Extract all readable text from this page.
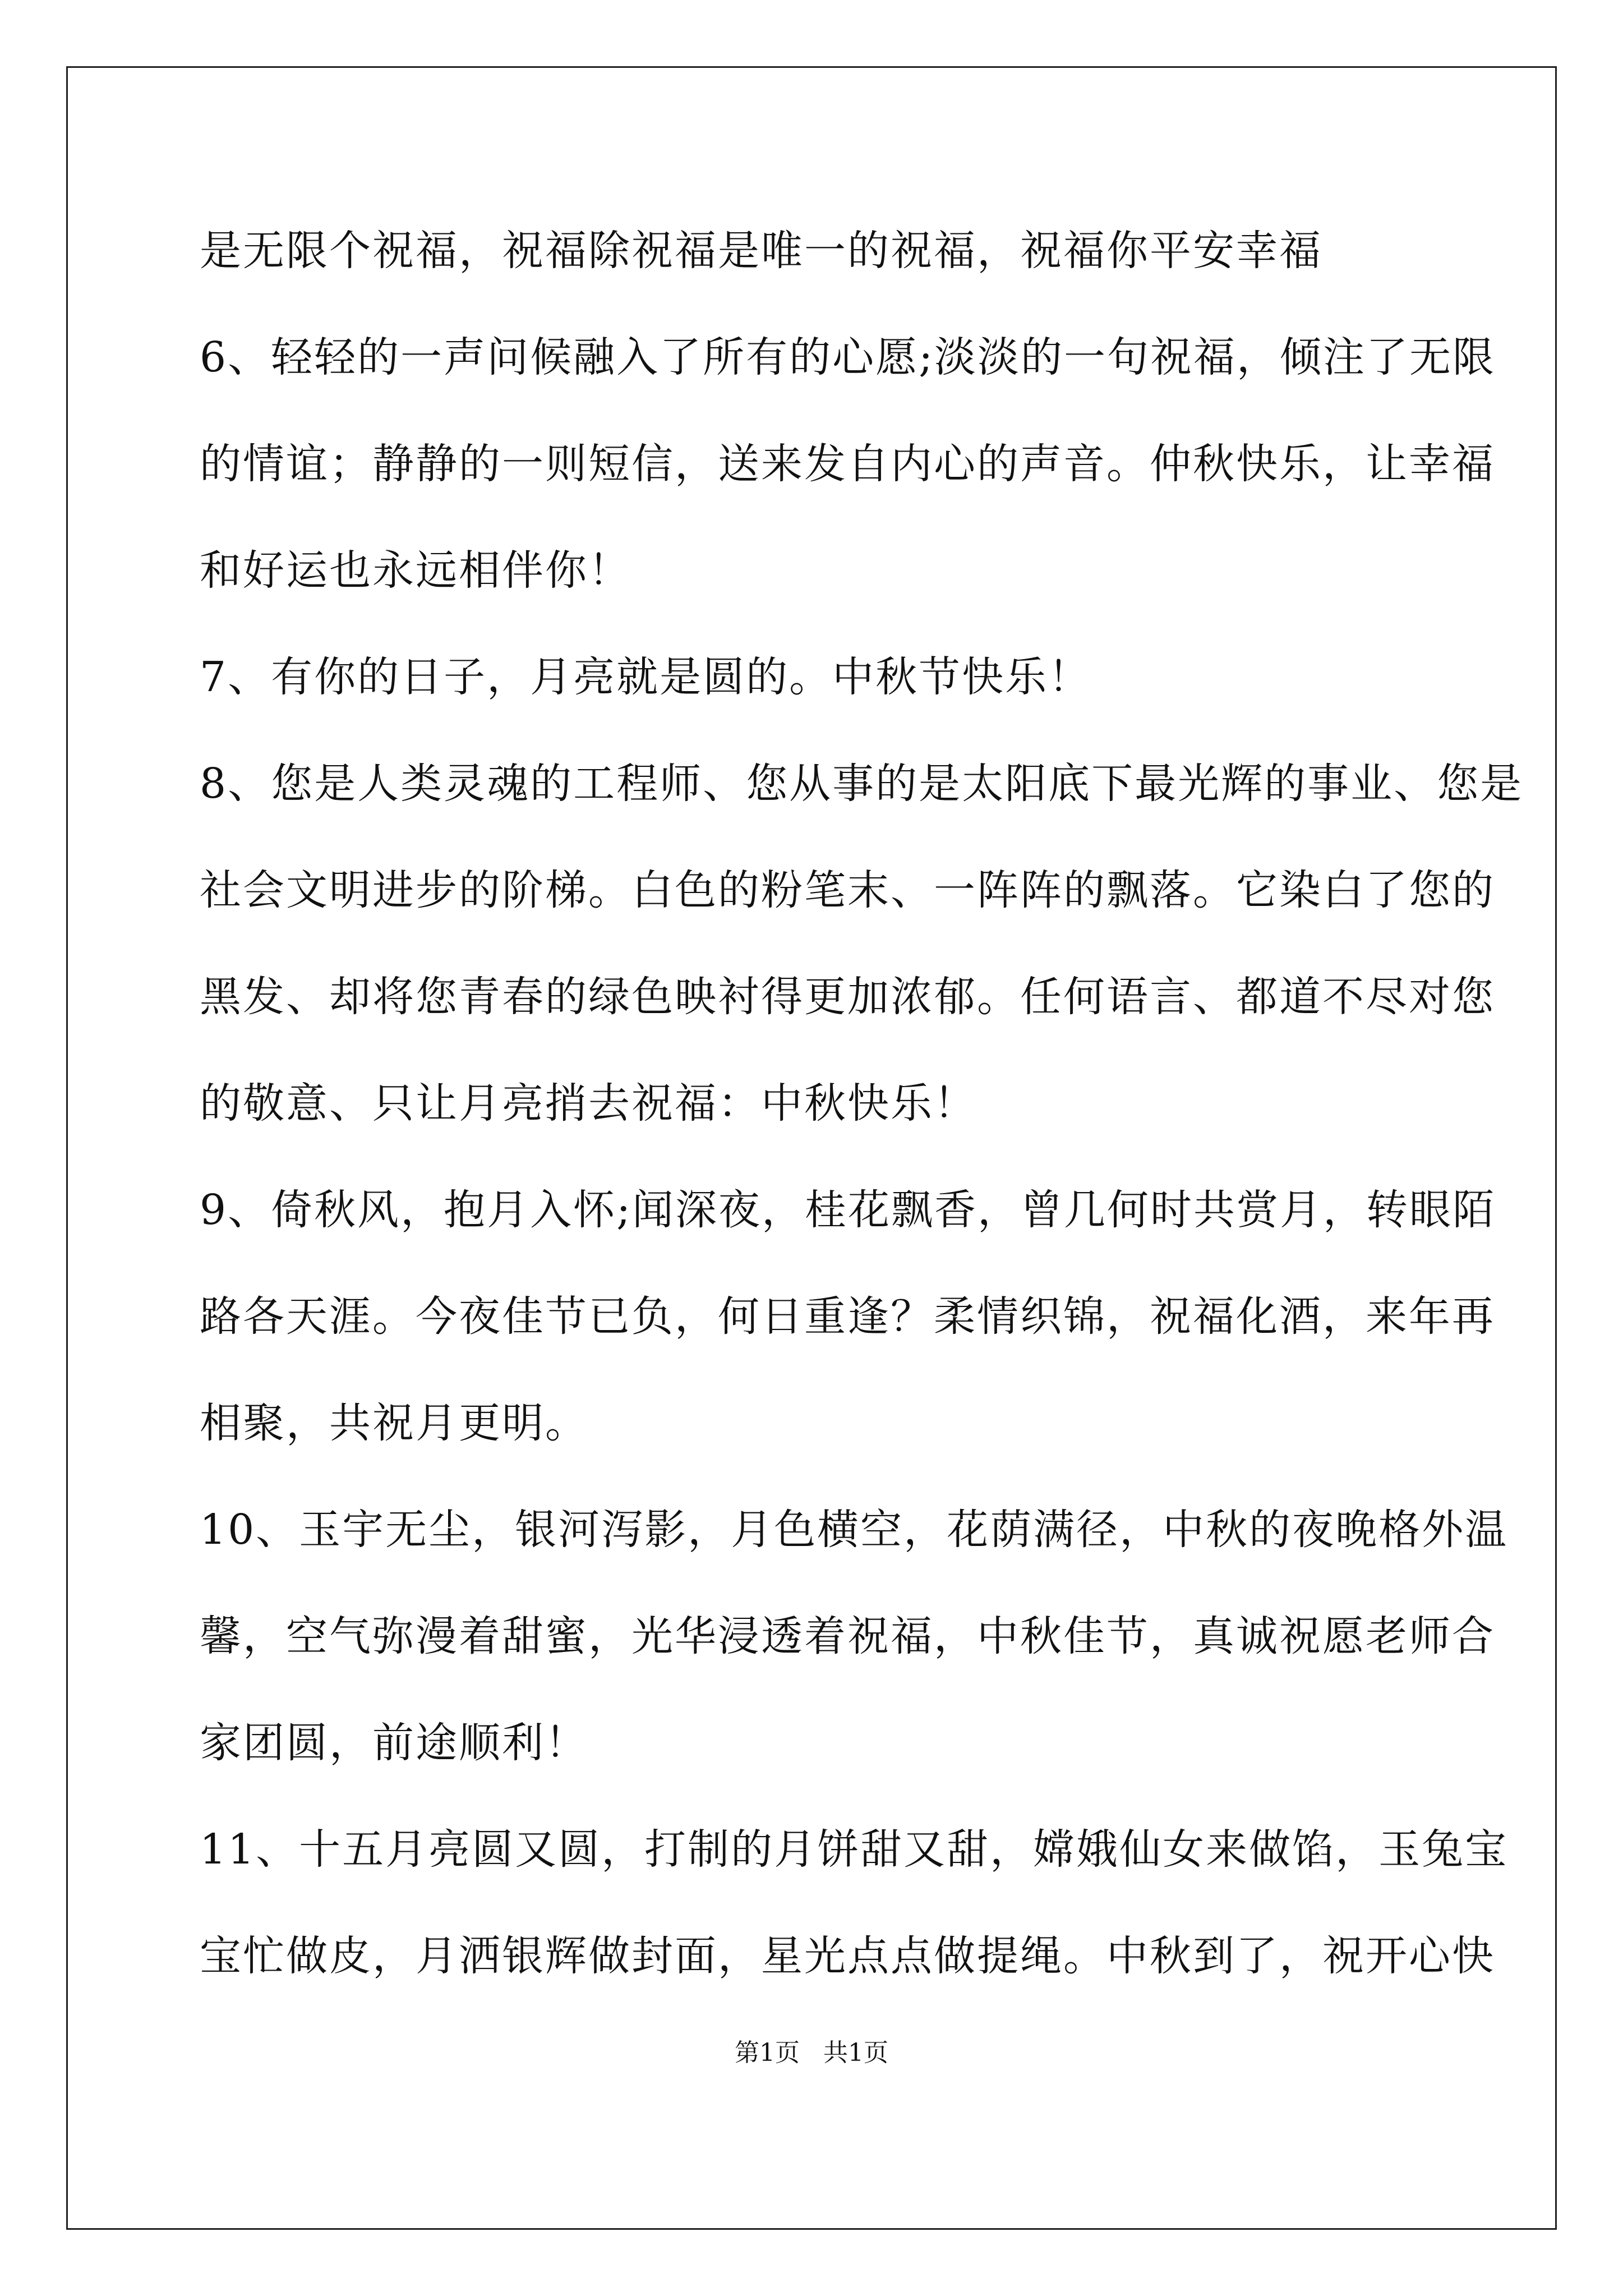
是无限个祝福，祝福除祝福是唯一的祝福，祝福你平安幸福
6、轻轻的一声问候融入了所有的心愿;淡淡的一句祝福，倾注了无限
的情谊；静静的一则短信，送来发自内心的声音。仲秋快乐，让幸福
和好运也永远相伴你！
7、有你的日子，月亮就是圆的。中秋节快乐！
8、您是人类灵魂的工程师、您从事的是太阳底下最光辉的事业、您是
社会文明进步的阶梯。白色的粉笔末、一阵阵的飘落。它染白了您的
黑发、却将您青春的绿色映衬得更加浓郁。任何语言、都道不尽对您
的敬意、只让月亮捎去祝福：中秋快乐！
9、倚秋风，抱月入怀;闻深夜，桂花飘香，曾几何时共赏月，转眼陌
路各天涯。今夜佳节已负，何日重逢？柔情织锦，祝福化酒，来年再
相聚，共祝月更明。
10、玉宇无尘，银河泻影，月色横空，花荫满径，中秋的夜晚格外温
馨，空气弥漫着甜蜜，光华浸透着祝福，中秋佳节，真诚祝愿老师合
家团圆，前途顺利！
11、十五月亮圆又圆，打制的月饼甜又甜，嫦娥仙女来做馅，玉兔宝
宝忙做皮，月洒银辉做封面，星光点点做提绳。中秋到了，祝开心快
第1页   共1页
